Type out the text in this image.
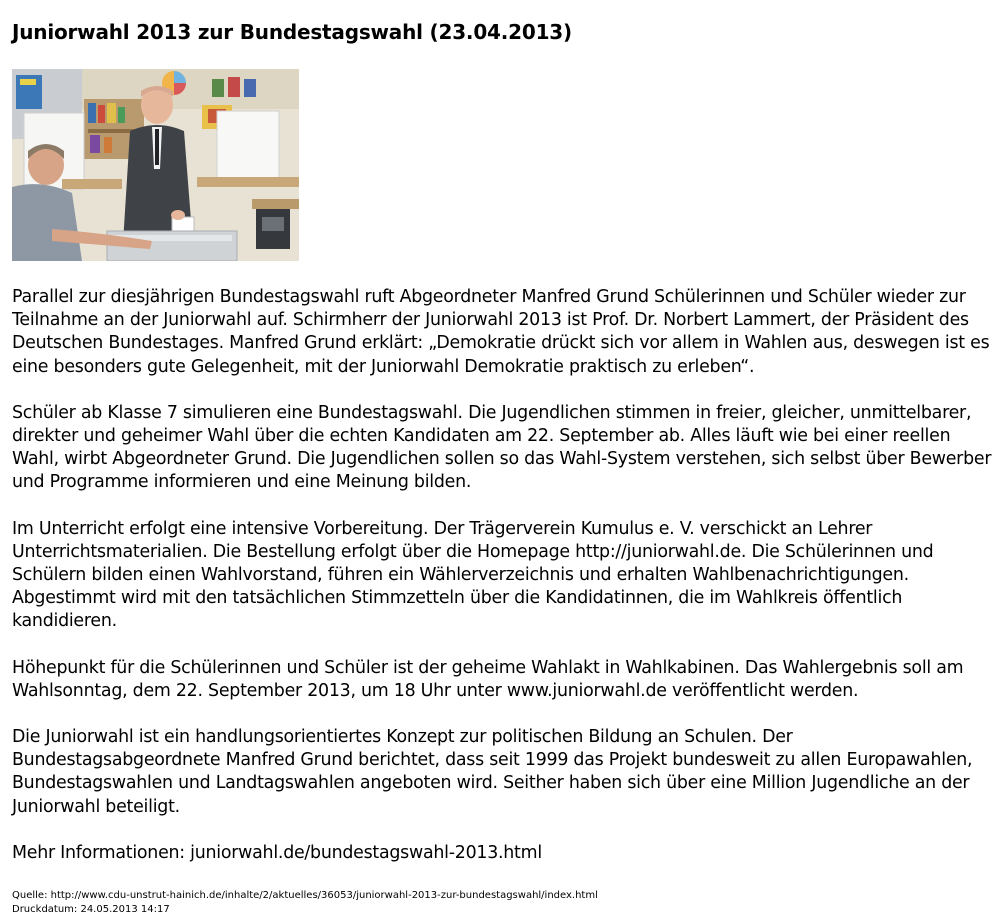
Juniorwahl 2013 zur Bundestagswahl (23.04.2013)

Parallel zur diesjährigen Bundestagswahl ruft Abgeordneter Manfred Grund Schülerinnen und Schüler wieder zur Teilnahme an der Juniorwahl auf. Schirmherr der Juniorwahl 2013 ist Prof. Dr. Norbert Lammert, der Präsident des Deutschen Bundestages. Manfred Grund erklärt: „Demokratie drückt sich vor allem in Wahlen aus, deswegen ist es eine besonders gute Gelegenheit, mit der Juniorwahl Demokratie praktisch zu erleben“.

Schüler ab Klasse 7 simulieren eine Bundestagswahl. Die Jugendlichen stimmen in freier, gleicher, unmittelbarer, direkter und geheimer Wahl über die echten Kandidaten am 22. September ab. Alles läuft wie bei einer reellen Wahl, wirbt Abgeordneter Grund. Die Jugendlichen sollen so das Wahl-System verstehen, sich selbst über Bewerber und Programme informieren und eine Meinung bilden.

Im Unterricht erfolgt eine intensive Vorbereitung. Der Trägerverein Kumulus e. V. verschickt an Lehrer Unterrichtsmaterialien. Die Bestellung erfolgt über die Homepage http://juniorwahl.de. Die Schülerinnen und Schülern bilden einen Wahlvorstand, führen ein Wählerverzeichnis und erhalten Wahlbenachrichtigungen. Abgestimmt wird mit den tatsächlichen Stimmzetteln über die Kandidatinnen, die im Wahlkreis öffentlich kandidieren.

Höhepunkt für die Schülerinnen und Schüler ist der geheime Wahlakt in Wahlkabinen. Das Wahlergebnis soll am Wahlsonntag, dem 22. September 2013, um 18 Uhr unter www.juniorwahl.de veröffentlicht werden.

Die Juniorwahl ist ein handlungsorientiertes Konzept zur politischen Bildung an Schulen. Der Bundestagsabgeordnete Manfred Grund berichtet, dass seit 1999 das Projekt bundesweit zu allen Europawahlen, Bundestagswahlen und Landtagswahlen angeboten wird. Seither haben sich über eine Million Jugendliche an der Juniorwahl beteiligt.

Mehr Informationen: juniorwahl.de/bundestagswahl-2013.html

Quelle: http://www.cdu-unstrut-hainich.de/inhalte/2/aktuelles/36053/juniorwahl-2013-zur-bundestagswahl/index.html
Druckdatum: 24.05.2013 14:17
